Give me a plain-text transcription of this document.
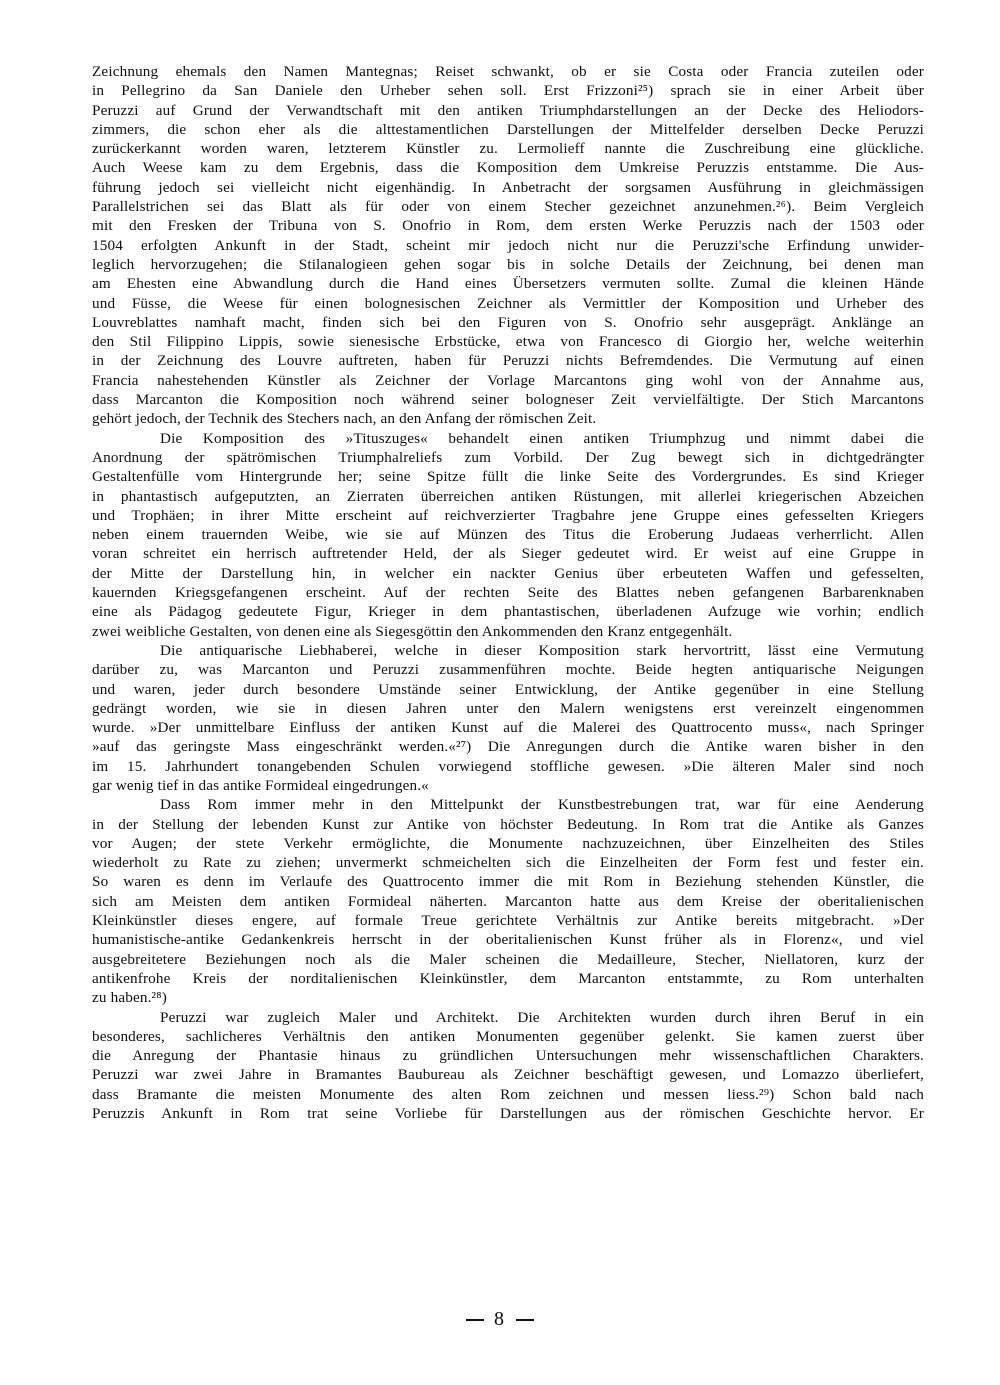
Zeichnung ehemals den Namen Mantegnas; Reiset schwankt, ob er sie Costa oder Francia zuteilen oder
in Pellegrino da San Daniele den Urheber sehen soll. Erst Frizzoni²⁵) sprach sie in einer Arbeit über
Peruzzi auf Grund der Verwandtschaft mit den antiken Triumphdarstellungen an der Decke des Heliodors-
zimmers, die schon eher als die alttestamentlichen Darstellungen der Mittelfelder derselben Decke Peruzzi
zurückerkannt worden waren, letzterem Künstler zu. Lermolieff nannte die Zuschreibung eine glückliche.
Auch Weese kam zu dem Ergebnis, dass die Komposition dem Umkreise Peruzzis entstamme. Die Aus-
führung jedoch sei vielleicht nicht eigenhändig. In Anbetracht der sorgsamen Ausführung in gleichmässigen
Parallelstrichen sei das Blatt als für oder von einem Stecher gezeichnet anzunehmen.²⁶). Beim Vergleich
mit den Fresken der Tribuna von S. Onofrio in Rom, dem ersten Werke Peruzzis nach der 1503 oder
1504 erfolgten Ankunft in der Stadt, scheint mir jedoch nicht nur die Peruzzi'sche Erfindung unwider-
leglich hervorzugehen; die Stilanalogieen gehen sogar bis in solche Details der Zeichnung, bei denen man
am Ehesten eine Abwandlung durch die Hand eines Übersetzers vermuten sollte. Zumal die kleinen Hände
und Füsse, die Weese für einen bolognesischen Zeichner als Vermittler der Komposition und Urheber des
Louvreblattes namhaft macht, finden sich bei den Figuren von S. Onofrio sehr ausgeprägt. Anklänge an
den Stil Filippino Lippis, sowie sienesische Erbstücke, etwa von Francesco di Giorgio her, welche weiterhin
in der Zeichnung des Louvre auftreten, haben für Peruzzi nichts Befremdendes. Die Vermutung auf einen
Francia nahestehenden Künstler als Zeichner der Vorlage Marcantons ging wohl von der Annahme aus,
dass Marcanton die Komposition noch während seiner bologneser Zeit vervielfältigte. Der Stich Marcantons
gehört jedoch, der Technik des Stechers nach, an den Anfang der römischen Zeit.
Die Komposition des »Tituszuges« behandelt einen antiken Triumphzug und nimmt dabei die
Anordnung der spätrömischen Triumphalreliefs zum Vorbild. Der Zug bewegt sich in dichtgedrängter
Gestaltenfülle vom Hintergrunde her; seine Spitze füllt die linke Seite des Vordergrundes. Es sind Krieger
in phantastisch aufgeputzten, an Zierraten überreichen antiken Rüstungen, mit allerlei kriegerischen Abzeichen
und Trophäen; in ihrer Mitte erscheint auf reichverzierter Tragbahre jene Gruppe eines gefesselten Kriegers
neben einem trauernden Weibe, wie sie auf Münzen des Titus die Eroberung Judaeas verherrlicht. Allen
voran schreitet ein herrisch auftretender Held, der als Sieger gedeutet wird. Er weist auf eine Gruppe in
der Mitte der Darstellung hin, in welcher ein nackter Genius über erbeuteten Waffen und gefesselten,
kauernden Kriegsgefangenen erscheint. Auf der rechten Seite des Blattes neben gefangenen Barbarenknaben
eine als Pädagog gedeutete Figur, Krieger in dem phantastischen, überladenen Aufzuge wie vorhin; endlich
zwei weibliche Gestalten, von denen eine als Siegesgöttin den Ankommenden den Kranz entgegenhält.
Die antiquarische Liebhaberei, welche in dieser Komposition stark hervortritt, lässt eine Vermutung
darüber zu, was Marcanton und Peruzzi zusammenführen mochte. Beide hegten antiquarische Neigungen
und waren, jeder durch besondere Umstände seiner Entwicklung, der Antike gegenüber in eine Stellung
gedrängt worden, wie sie in diesen Jahren unter den Malern wenigstens erst vereinzelt eingenommen
wurde. »Der unmittelbare Einfluss der antiken Kunst auf die Malerei des Quattrocento muss«, nach Springer
»auf das geringste Mass eingeschränkt werden.«²⁷) Die Anregungen durch die Antike waren bisher in den
im 15. Jahrhundert tonangebenden Schulen vorwiegend stoffliche gewesen. »Die älteren Maler sind noch
gar wenig tief in das antike Formideal eingedrungen.«
Dass Rom immer mehr in den Mittelpunkt der Kunstbestrebungen trat, war für eine Aenderung
in der Stellung der lebenden Kunst zur Antike von höchster Bedeutung. In Rom trat die Antike als Ganzes
vor Augen; der stete Verkehr ermöglichte, die Monumente nachzuzeichnen, über Einzelheiten des Stiles
wiederholt zu Rate zu ziehen; unvermerkt schmeichelten sich die Einzelheiten der Form fest und fester ein.
So waren es denn im Verlaufe des Quattrocento immer die mit Rom in Beziehung stehenden Künstler, die
sich am Meisten dem antiken Formideal näherten. Marcanton hatte aus dem Kreise der oberitalienischen
Kleinkünstler dieses engere, auf formale Treue gerichtete Verhältnis zur Antike bereits mitgebracht. »Der
humanistische-antike Gedankenkreis herrscht in der oberitalienischen Kunst früher als in Florenz«, und viel
ausgebreitetere Beziehungen noch als die Maler scheinen die Medailleure, Stecher, Niellatoren, kurz der
antikenfrohe Kreis der norditalienischen Kleinkünstler, dem Marcanton entstammte, zu Rom unterhalten
zu haben.²⁸)
Peruzzi war zugleich Maler und Architekt. Die Architekten wurden durch ihren Beruf in ein
besonderes, sachlicheres Verhältnis den antiken Monumenten gegenüber gelenkt. Sie kamen zuerst über
die Anregung der Phantasie hinaus zu gründlichen Untersuchungen mehr wissenschaftlichen Charakters.
Peruzzi war zwei Jahre in Bramantes Baubureau als Zeichner beschäftigt gewesen, und Lomazzo überliefert,
dass Bramante die meisten Monumente des alten Rom zeichnen und messen liess.²⁹) Schon bald nach
Peruzzis Ankunft in Rom trat seine Vorliebe für Darstellungen aus der römischen Geschichte hervor. Er
8
